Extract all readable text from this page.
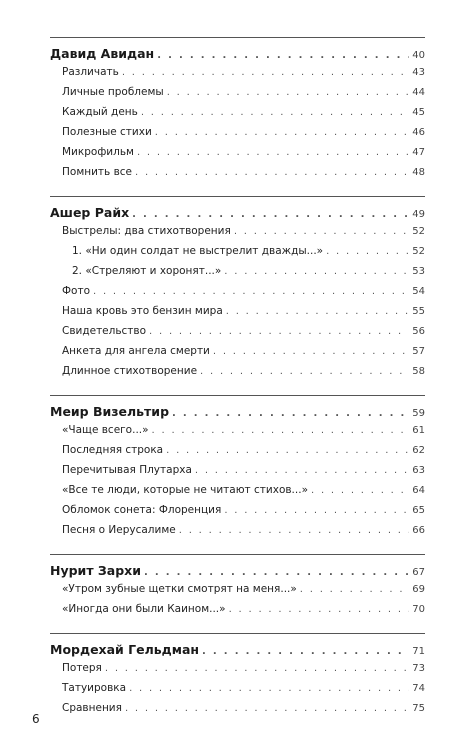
Давид Авидан . . .	40
Различать . . .	43
Личные проблемы . . .	44
Каждый день . . .	45
Полезные стихи . . .	46
Микрофильм . . .	47
Помнить все . . .	48
Ашер Райх . . .	49
Выстрелы: два стихотворения . . .	52
1. «Ни один солдат не выстрелит дважды...» . . .	52
2. «Стреляют и хоронят...» . . .	53
Фото . . .	54
Наша кровь это бензин мира . . .	55
Свидетельство . . .	56
Анкета для ангела смерти . . .	57
Длинное стихотворение . . .	58
Меир Визельтир . . .	59
«Чаще всего...» . . .	61
Последняя строка . . .	62
Перечитывая Плутарха . . .	63
«Все те люди, которые не читают стихов...» . . .	64
Обломок сонета: Флоренция . . .	65
Песня о Иерусалиме . . .	66
Нурит Зархи . . .	67
«Утром зубные щетки смотрят на меня...» . . .	69
«Иногда они были Каином...» . . .	70
Мордехай Гельдман . . .	71
Потеря . . .	73
Татуировка . . .	74
Сравнения . . .	75
6
